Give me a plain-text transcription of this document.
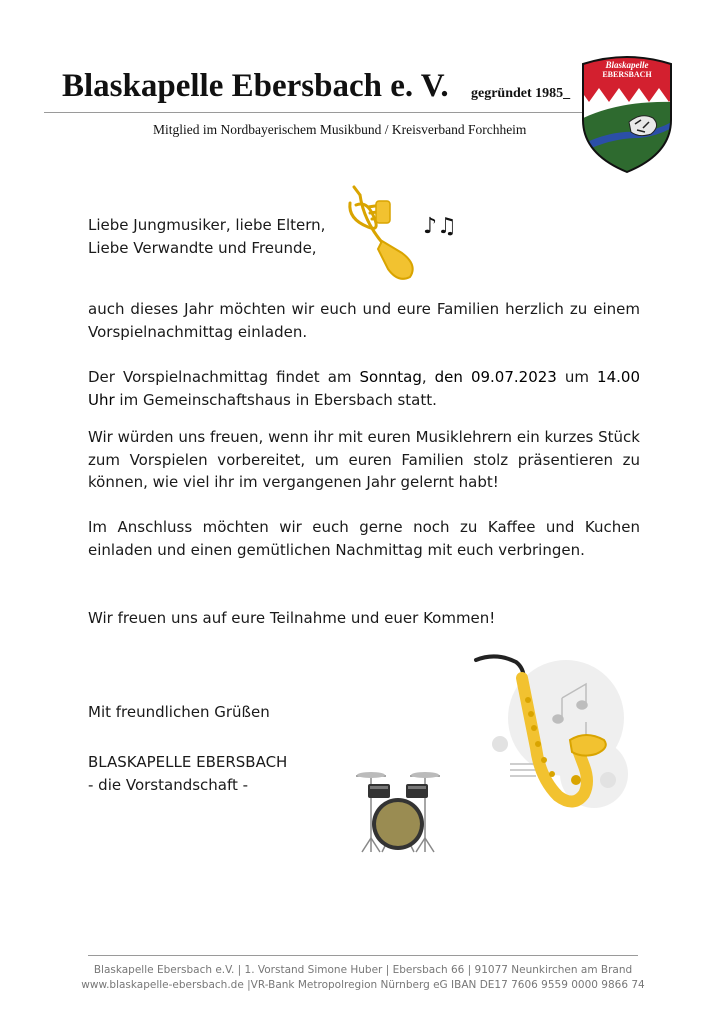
Blaskapelle Ebersbach e. V. gegründet 1985_
Mitglied im Nordbayerischem Musikbund / Kreisverband Forchheim
Blaskapelle
EBERSBACH
Liebe Jungmusiker, liebe Eltern,
Liebe Verwandte und Freunde,
♪♫
auch dieses Jahr möchten wir euch und eure Familien herzlich zu einem Vorspielnachmittag einladen.
Der Vorspielnachmittag findet am Sonntag, den 09.07.2023 um 14.00 Uhr im Gemeinschaftshaus in Ebersbach statt.
Wir würden uns freuen, wenn ihr mit euren Musiklehrern ein kurzes Stück zum Vorspielen vorbereitet, um euren Familien stolz präsentieren zu können, wie viel ihr im vergangenen Jahr gelernt habt!
Im Anschluss möchten wir euch gerne noch zu Kaffee und Kuchen einladen und einen gemütlichen Nachmittag mit euch verbringen.
Wir freuen uns auf eure Teilnahme und euer Kommen!
Mit freundlichen Grüßen
BLASKAPELLE EBERSBACH
- die Vorstandschaft -
Blaskapelle Ebersbach e.V. | 1. Vorstand Simone Huber | Ebersbach 66 | 91077 Neunkirchen am Brand
www.blaskapelle-ebersbach.de |VR-Bank Metropolregion Nürnberg eG IBAN DE17 7606 9559 0000 9866 74
